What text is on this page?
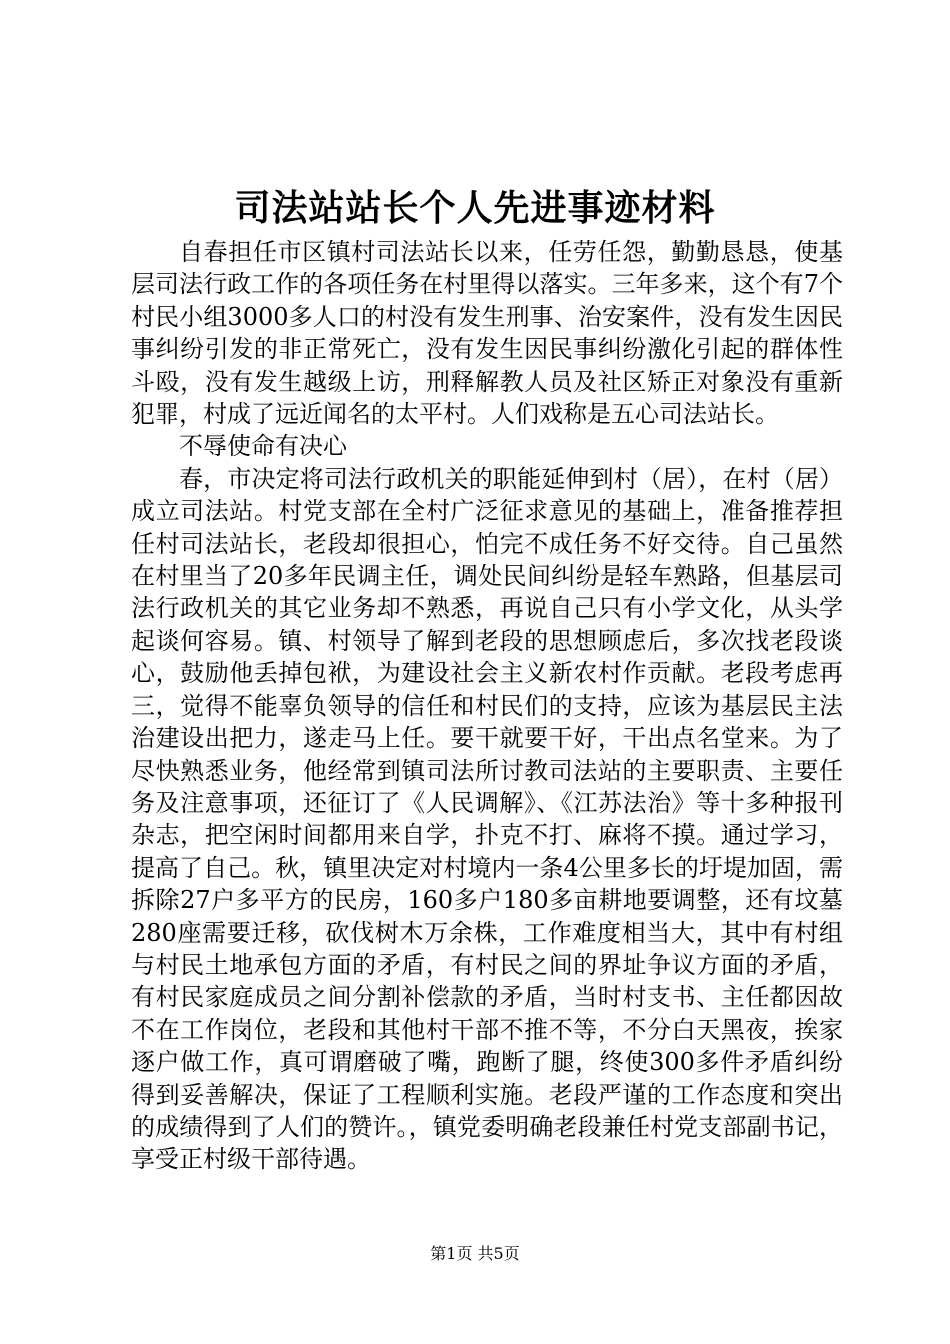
司法站站长个人先进事迹材料

自春担任市区镇村司法站长以来，任劳任怨，勤勤恳恳，使基层司法行政工作的各项任务在村里得以落实。三年多来，这个有7个村民小组3000多人口的村没有发生刑事、治安案件，没有发生因民事纠纷引发的非正常死亡，没有发生因民事纠纷激化引起的群体性斗殴，没有发生越级上访，刑释解教人员及社区矫正对象没有重新犯罪，村成了远近闻名的太平村。人们戏称是五心司法站长。

不辱使命有决心

春，市决定将司法行政机关的职能延伸到村（居），在村（居）成立司法站。村党支部在全村广泛征求意见的基础上，准备推荐担任村司法站长，老段却很担心，怕完不成任务不好交待。自己虽然在村里当了20多年民调主任，调处民间纠纷是轻车熟路，但基层司法行政机关的其它业务却不熟悉，再说自己只有小学文化，从头学起谈何容易。镇、村领导了解到老段的思想顾虑后，多次找老段谈心，鼓励他丢掉包袱，为建设社会主义新农村作贡献。老段考虑再三，觉得不能辜负领导的信任和村民们的支持，应该为基层民主法治建设出把力，遂走马上任。要干就要干好，干出点名堂来。为了尽快熟悉业务，他经常到镇司法所讨教司法站的主要职责、主要任务及注意事项，还征订了《人民调解》、《江苏法治》等十多种报刊杂志，把空闲时间都用来自学，扑克不打、麻将不摸。通过学习，提高了自己。秋，镇里决定对村境内一条4公里多长的圩堤加固，需拆除27户多平方的民房，160多户180多亩耕地要调整，还有坟墓280座需要迁移，砍伐树木万余株，工作难度相当大，其中有村组与村民土地承包方面的矛盾，有村民之间的界址争议方面的矛盾，有村民家庭成员之间分割补偿款的矛盾，当时村支书、主任都因故不在工作岗位，老段和其他村干部不推不等，不分白天黑夜，挨家逐户做工作，真可谓磨破了嘴，跑断了腿，终使300多件矛盾纠纷得到妥善解决，保证了工程顺利实施。老段严谨的工作态度和突出的成绩得到了人们的赞许。，镇党委明确老段兼任村党支部副书记，享受正村级干部待遇。

第1页 共5页
